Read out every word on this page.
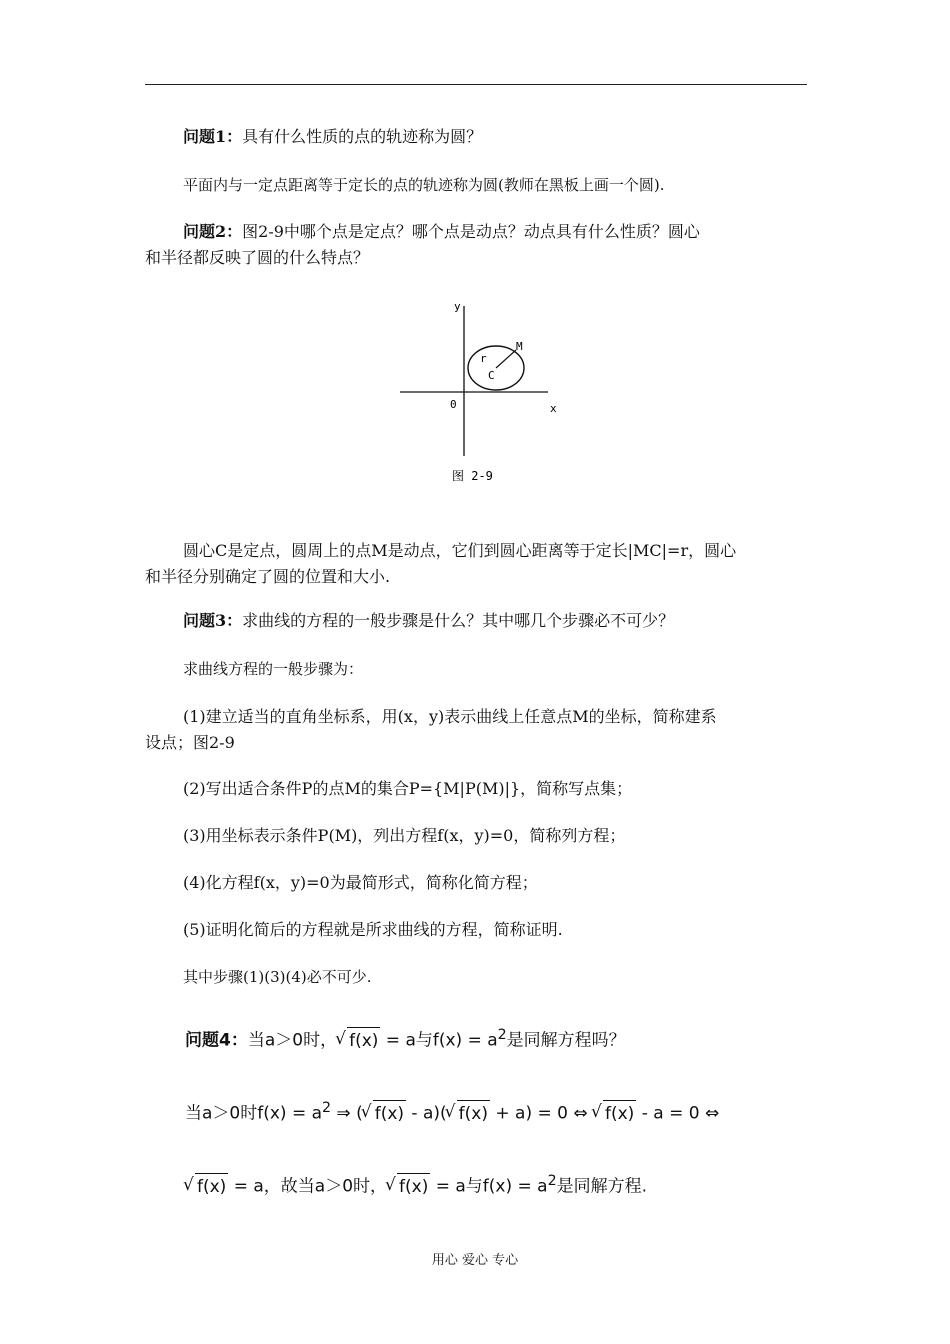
问题1：具有什么性质的点的轨迹称为圆？

平面内与一定点距离等于定长的点的轨迹称为圆(教师在黑板上画一个圆).

问题2：图2-9中哪个点是定点？哪个点是动点？动点具有什么性质？圆心

和半径都反映了圆的什么特点？

y
x
0
r
M
C
图 2-9

圆心C是定点，圆周上的点M是动点，它们到圆心距离等于定长|MC|=r，圆心

和半径分别确定了圆的位置和大小.

问题3：求曲线的方程的一般步骤是什么？其中哪几个步骤必不可少？

求曲线方程的一般步骤为：

(1)建立适当的直角坐标系，用(x，y)表示曲线上任意点M的坐标，简称建系

设点；图2-9

(2)写出适合条件P的点M的集合P={M|P(M)|}，简称写点集；

(3)用坐标表示条件P(M)，列出方程f(x，y)=0，简称列方程；

(4)化方程f(x，y)=0为最简形式，简称化简方程；

(5)证明化简后的方程就是所求曲线的方程，简称证明.

其中步骤(1)(3)(4)必不可少.

问题4：当a＞0时， √ f(x) = a与$f(x) = a^2$是同解方程吗？

当a＞0时$f(x) = a^2$ ⇒ ( √ f(x) - a)( √ f(x) + a) = 0 ⇔ √ f(x) - a = 0 ⇔

√ f(x) = a，故当a＞0时， √ f(x) = a与$f(x) = a^2$是同解方程.

用心 爱心 专心
